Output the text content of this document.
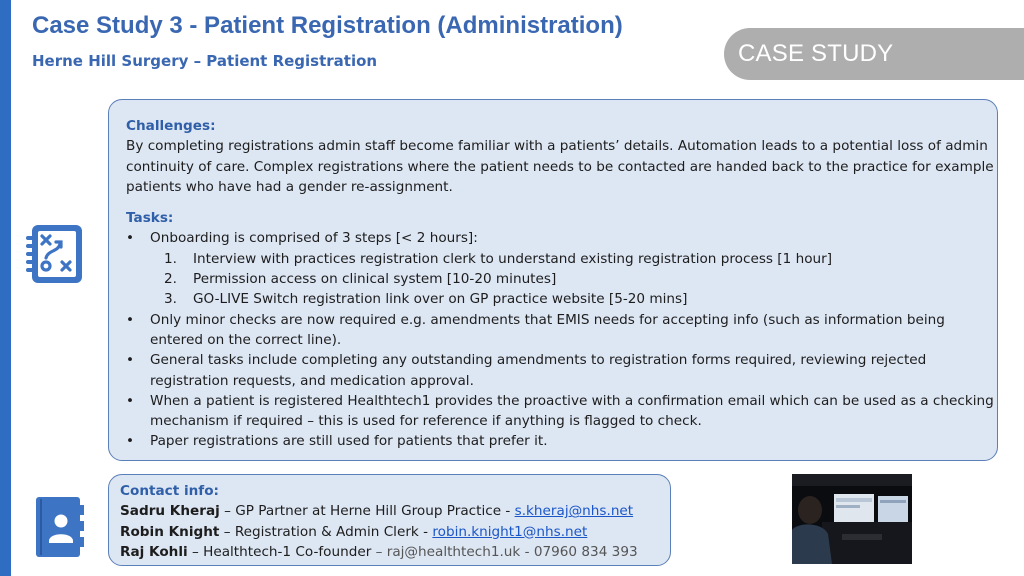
Case Study 3 - Patient Registration (Administration)
Herne Hill Surgery – Patient Registration	CASE STUDY
Challenges:

By completing registrations admin staff become familiar with a patients’ details. Automation leads to a potential loss of admin continuity of care. Complex registrations where the patient needs to be contacted are handed back to the practice for example patients who have had a gender re-assignment.

Tasks:
• Onboarding is comprised of 3 steps [< 2 hours]:
1. Interview with practices registration clerk to understand existing registration process [1 hour]
2. Permission access on clinical system [10-20 minutes]
3. GO-LIVE Switch registration link over on GP practice website [5-20 mins]
• Only minor checks are now required e.g. amendments that EMIS needs for accepting info (such as information being entered on the correct line).
• General tasks include completing any outstanding amendments to registration forms required, reviewing rejected registration requests, and medication approval.
• When a patient is registered Healthtech1 provides the proactive with a confirmation email which can be used as a checking mechanism if required – this is used for reference if anything is flagged to check.
• Paper registrations are still used for patients that prefer it.
Contact info:
Sadru Kheraj – GP Partner at Herne Hill Group Practice - s.kheraj@nhs.net
Robin Knight – Registration & Admin Clerk - robin.knight1@nhs.net
Raj Kohli – Healthtech-1 Co-founder – raj@healthtech1.uk - 07960 834 393
